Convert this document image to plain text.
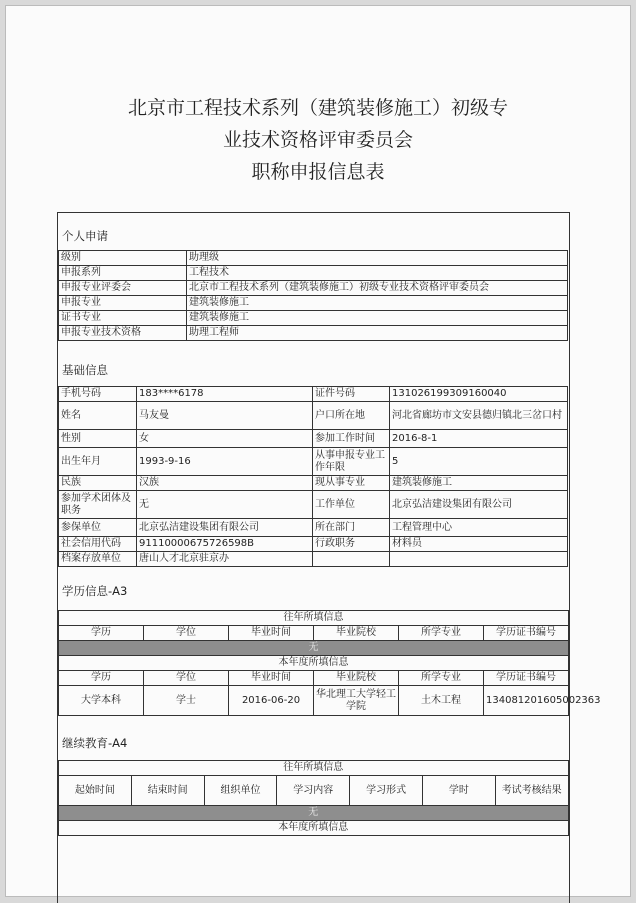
北京市工程技术系列（建筑装修施工）初级专
业技术资格评审委员会
职称申报信息表
个人申请
级别	助理级
申报系列	工程技术
申报专业评委会	北京市工程技术系列（建筑装修施工）初级专业技术资格评审委员会
申报专业	建筑装修施工
证书专业	建筑装修施工
申报专业技术资格	助理工程师
基础信息
手机号码	183****6178	证件号码	131026199309160040
姓名	马友曼	户口所在地	河北省廊坊市文安县德归镇北三岔口村
性别	女	参加工作时间	2016-8-1
出生年月	1993-9-16	从事申报专业工作年限	5
民族	汉族	现从事专业	建筑装修施工
参加学术团体及职务	无	工作单位	北京弘洁建设集团有限公司
参保单位	北京弘洁建设集团有限公司	所在部门	工程管理中心
社会信用代码	91110000675726598B	行政职务	材料员
档案存放单位	唐山人才北京驻京办		
学历信息-A3
往年所填信息					
学历	学位	毕业时间	毕业院校	所学专业	学历证书编号
无					
本年度所填信息					
学历	学位	毕业时间	毕业院校	所学专业	学历证书编号
大学本科	学士	2016-06-20	华北理工大学轻工学院	土木工程	134081201605002363
继续教育-A4
往年所填信息
起始时间	结束时间	组织单位	学习内容	学习形式	学时	考试考核结果
无
本年度所填信息
